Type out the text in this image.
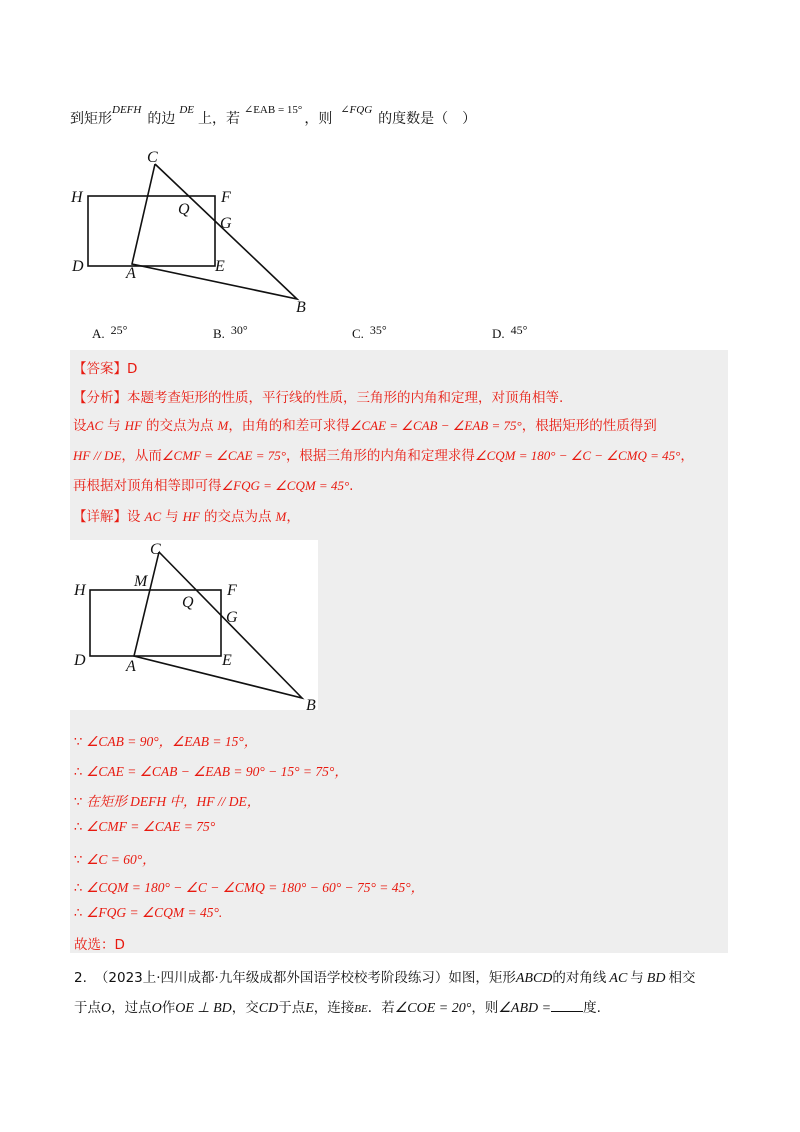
到矩形$^{DEFH}$的边$^{DE}$上，若$^{\angle EAB = 15^\circ}$，则$^{\angle FQG}$的度数是（　）
C
H	F
Q
G
D	A	E
B
A. 25°	B. 30°	C. 35°	D. 45°
【答案】D
【分析】本题考查矩形的性质，平行线的性质，三角形的内角和定理，对顶角相等.
设AC 与 HF 的交点为点 M，由角的和差可求得∠CAE = ∠CAB − ∠EAB = 75°，根据矩形的性质得到
HF // DE，从而∠CMF = ∠CAE = 75°，根据三角形的内角和定理求得∠CQM = 180° − ∠C − ∠CMQ = 45°，
再根据对顶角相等即可得∠FQG = ∠CQM = 45°.
【详解】设 AC 与 HF 的交点为点 M，
C
M
H	F
Q
G
D	A	E
B
∵ ∠CAB = 90°，∠EAB = 15°，
∴ ∠CAE = ∠CAB − ∠EAB = 90° − 15° = 75°，
∵ 在矩形 DEFH 中，HF // DE，
∴ ∠CMF = ∠CAE = 75°
∵ ∠C = 60°，
∴ ∠CQM = 180° − ∠C − ∠CMQ = 180° − 60° − 75° = 45°，
∴ ∠FQG = ∠CQM = 45°.
故选：D
2. （2023上·四川成都·九年级成都外国语学校校考阶段练习）如图，矩形ABCD的对角线 AC 与 BD 相交
于点O，过点O作OE ⊥ BD，交CD于点E，连接BE．若∠COE = 20°，则∠ABD = 度.
